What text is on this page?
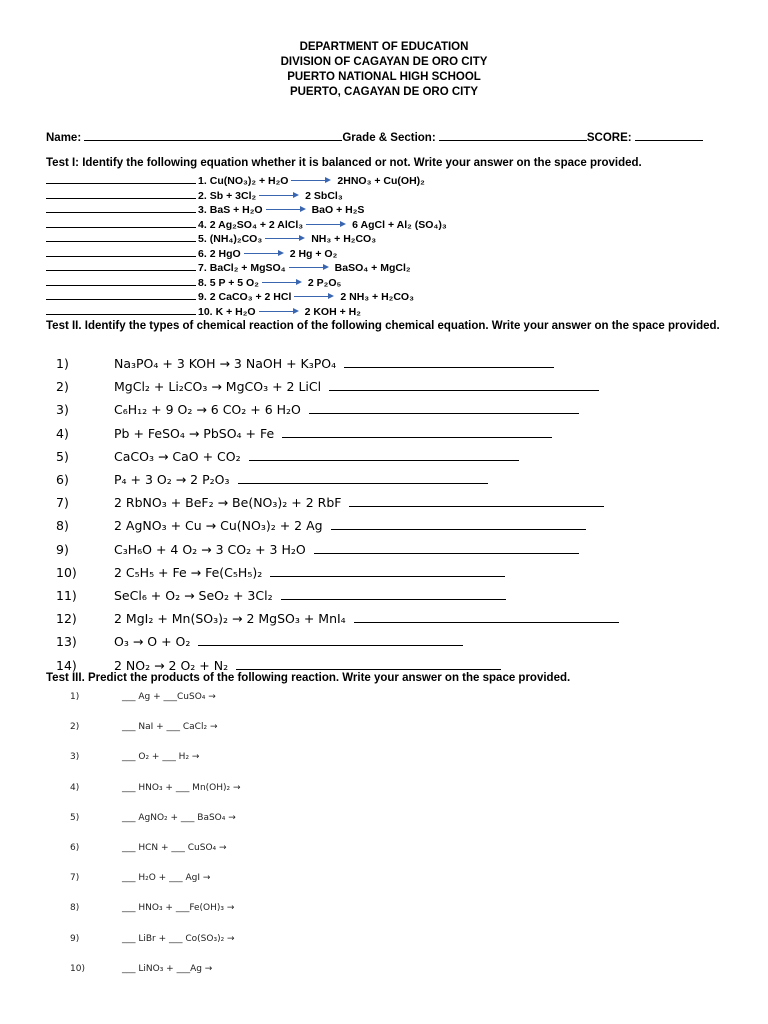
DEPARTMENT OF EDUCATION
DIVISION OF CAGAYAN DE ORO CITY
PUERTO NATIONAL HIGH SCHOOL
PUERTO, CAGAYAN DE ORO CITY
Name:	Grade & Section:	SCORE:
Test I: Identify the following equation whether it is balanced or not. Write your answer on the space provided.
1. Cu(NO₃)₂ + H₂O	2HNO₃ + Cu(OH)₂
2. Sb + 3Cl₂	2 SbCl₃
3. BaS + H₂O	BaO + H₂S
4. 2 Ag₂SO₄ + 2 AlCl₃	6 AgCl + Al₂ (SO₄)₃
5. (NH₄)₂CO₃	NH₃ + H₂CO₃
6. 2 HgO	2 Hg + O₂
7. BaCl₂ + MgSO₄	BaSO₄ + MgCl₂
8. 5 P + 5 O₂	2 P₂O₅
9. 2 CaCO₃ + 2 HCl	2 NH₃ + H₂CO₃
10. K + H₂O	2 KOH + H₂
Test II. Identify the types of chemical reaction of the following chemical equation. Write your answer on the space provided.
1)	Na₃PO₄ + 3 KOH → 3 NaOH + K₃PO₄
2)	MgCl₂ + Li₂CO₃ → MgCO₃ + 2 LiCl
3)	C₆H₁₂ + 9 O₂ → 6 CO₂ + 6 H₂O
4)	Pb + FeSO₄ → PbSO₄ + Fe
5)	CaCO₃ → CaO + CO₂
6)	P₄ + 3 O₂ → 2 P₂O₃
7)	2 RbNO₃ + BeF₂ → Be(NO₃)₂ + 2 RbF
8)	2 AgNO₃ + Cu → Cu(NO₃)₂ + 2 Ag
9)	C₃H₆O + 4 O₂ → 3 CO₂ + 3 H₂O
10)	2 C₅H₅ + Fe → Fe(C₅H₅)₂
11)	SeCl₆ + O₂ → SeO₂ + 3Cl₂
12)	2 MgI₂ + Mn(SO₃)₂ → 2 MgSO₃ + MnI₄
13)	O₃ → O + O₂
14)	2 NO₂ → 2 O₂ + N₂
Test III. Predict the products of the following reaction. Write your answer on the space provided.
1)	___ Ag + ___CuSO₄ →
2)	___ NaI + ___ CaCl₂ →
3)	___ O₂ + ___ H₂ →
4)	___ HNO₃ + ___ Mn(OH)₂ →
5)	___ AgNO₂ + ___ BaSO₄ →
6)	___ HCN + ___ CuSO₄ →
7)	___ H₂O + ___ AgI →
8)	___ HNO₃ + ___Fe(OH)₃ →
9)	___ LiBr + ___ Co(SO₃)₂ →
10)	___ LiNO₃ + ___Ag →
